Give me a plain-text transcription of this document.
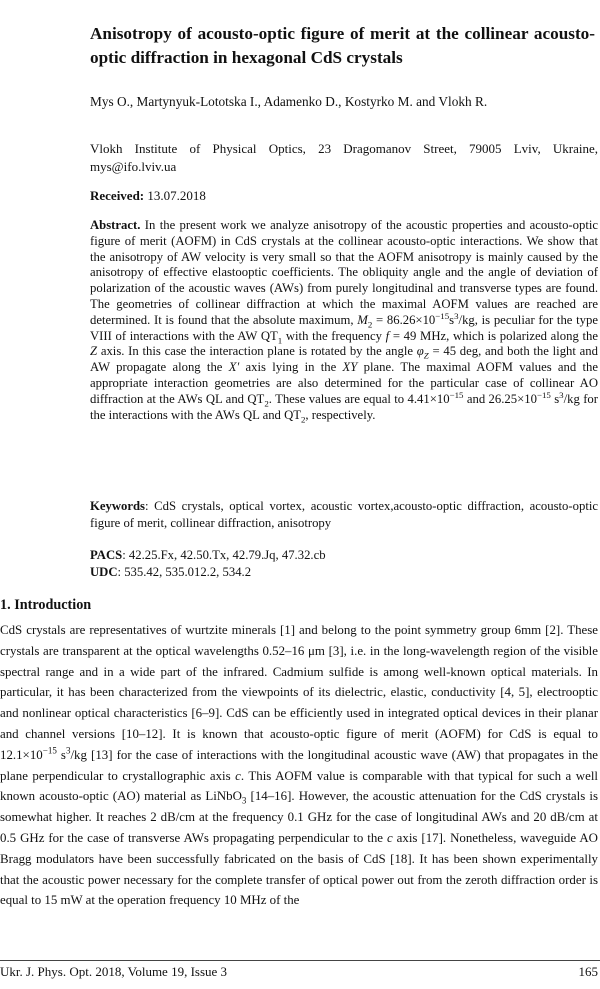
Anisotropy of acousto-optic figure of merit at the collinear acousto-optic diffraction in hexagonal CdS crystals
Mys O., Martynyuk-Lototska I., Adamenko D., Kostyrko M. and Vlokh R.
Vlokh Institute of Physical Optics, 23 Dragomanov Street, 79005 Lviv, Ukraine, mys@ifo.lviv.ua
Received: 13.07.2018
Abstract. In the present work we analyze anisotropy of the acoustic properties and acousto-optic figure of merit (AOFM) in CdS crystals at the collinear acousto-optic interactions. We show that the anisotropy of AW velocity is very small so that the AOFM anisotropy is mainly caused by the anisotropy of effective elastooptic coefficients. The obliquity angle and the angle of deviation of polarization of the acoustic waves (AWs) from purely longitudinal and transverse types are found. The geometries of collinear diffraction at which the maximal AOFM values are reached are determined. It is found that the absolute maximum, $M_2 = 86.26\times 10^{-15}s^3/kg$, is peculiar for the type VIII of interactions with the AW $QT_1$ with the frequency f = 49 MHz, which is polarized along the Z axis. In this case the interaction plane is rotated by the angle $\varphi_Z = 45$ deg, and both the light and AW propagate along the X′ axis lying in the XY plane. The maximal AOFM values and the appropriate interaction geometries are also determined for the particular case of collinear AO diffraction at the AWs QL and $QT_2$. These values are equal to $4.41\times 10^{-15}$ and $26.25\times 10^{-15}$ $s^3/kg$ for the interactions with the AWs QL and $QT_2$, respectively.
Keywords: CdS crystals, optical vortex, acoustic vortex,acousto-optic diffraction, acousto-optic figure of merit, collinear diffraction, anisotropy
PACS: 42.25.Fx, 42.50.Tx, 42.79.Jq, 47.32.cb
UDC: 535.42, 535.012.2, 534.2
1. Introduction
CdS crystals are representatives of wurtzite minerals [1] and belong to the point symmetry group 6mm [2]. These crystals are transparent at the optical wavelengths 0.52–16 μm [3], i.e. in the long-wavelength region of the visible spectral range and in a wide part of the infrared. Cadmium sulfide is among well-known optical materials. In particular, it has been characterized from the viewpoints of its dielectric, elastic, conductivity [4, 5], electrooptic and nonlinear optical characteristics [6–9]. CdS can be efficiently used in integrated optical devices in their planar and channel versions [10–12]. It is known that acousto-optic figure of merit (AOFM) for CdS is equal to $12.1\times 10^{-15}$ $s^3/kg$ [13] for the case of interactions with the longitudinal acoustic wave (AW) that propagates in the plane perpendicular to crystallographic axis c. This AOFM value is comparable with that typical for such a well known acousto-optic (AO) material as LiNbO$_3$ [14–16]. However, the acoustic attenuation for the CdS crystals is somewhat higher. It reaches 2 dB/cm at the frequency 0.1 GHz for the case of longitudinal AWs and 20 dB/cm at 0.5 GHz for the case of transverse AWs propagating perpendicular to the c axis [17]. Nonetheless, waveguide AO Bragg modulators have been successfully fabricated on the basis of CdS [18]. It has been shown experimentally that the acoustic power necessary for the complete transfer of optical power out from the zeroth diffraction order is equal to 15 mW at the operation frequency 10 MHz of the
Ukr. J. Phys. Opt. 2018, Volume 19, Issue 3	165
